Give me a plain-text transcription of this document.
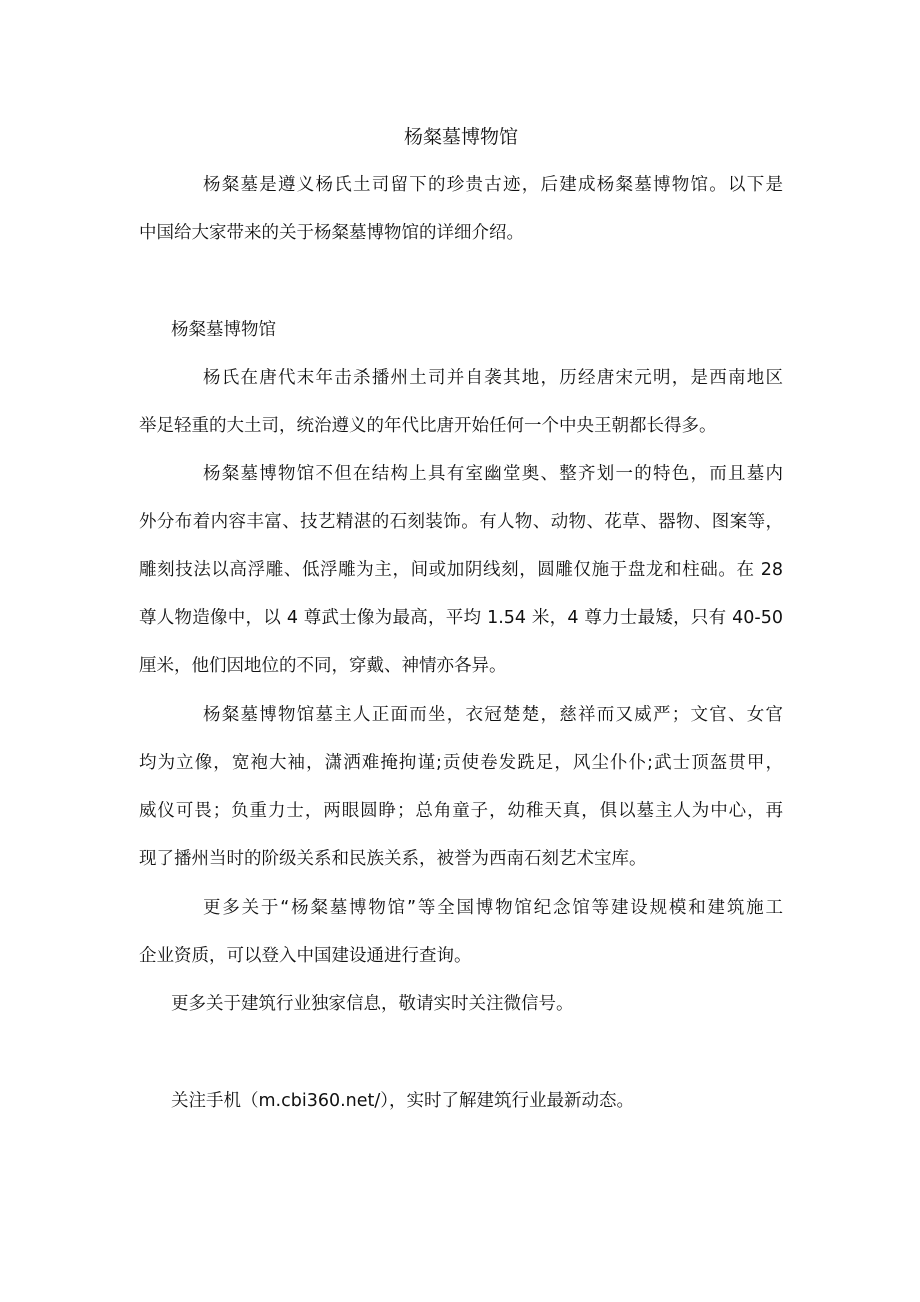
杨粲墓博物馆
杨粲墓是遵义杨氏土司留下的珍贵古迹，后建成杨粲墓博物馆。以下是
中国给大家带来的关于杨粲墓博物馆的详细介绍。
杨粲墓博物馆
杨氏在唐代末年击杀播州土司并自袭其地，历经唐宋元明，是西南地区
举足轻重的大土司，统治遵义的年代比唐开始任何一个中央王朝都长得多。
杨粲墓博物馆不但在结构上具有室幽堂奥、整齐划一的特色，而且墓内
外分布着内容丰富、技艺精湛的石刻装饰。有人物、动物、花草、器物、图案等，
雕刻技法以高浮雕、低浮雕为主，间或加阴线刻，圆雕仅施于盘龙和柱础。在 28
尊人物造像中，以 4 尊武士像为最高，平均 1.54 米，4 尊力士最矮，只有 40-50
厘米，他们因地位的不同，穿戴、神情亦各异。
杨粲墓博物馆墓主人正面而坐，衣冠楚楚，慈祥而又威严；文官、女官
均为立像，宽袍大袖，潇洒难掩拘谨;贡使卷发跣足，风尘仆仆;武士顶盔贯甲，
威仪可畏；负重力士，两眼圆睁；总角童子，幼稚天真，俱以墓主人为中心，再
现了播州当时的阶级关系和民族关系，被誉为西南石刻艺术宝库。
更多关于“杨粲墓博物馆”等全国博物馆纪念馆等建设规模和建筑施工
企业资质，可以登入中国建设通进行查询。
更多关于建筑行业独家信息，敬请实时关注微信号。
关注手机（m.cbi360.net/），实时了解建筑行业最新动态。
